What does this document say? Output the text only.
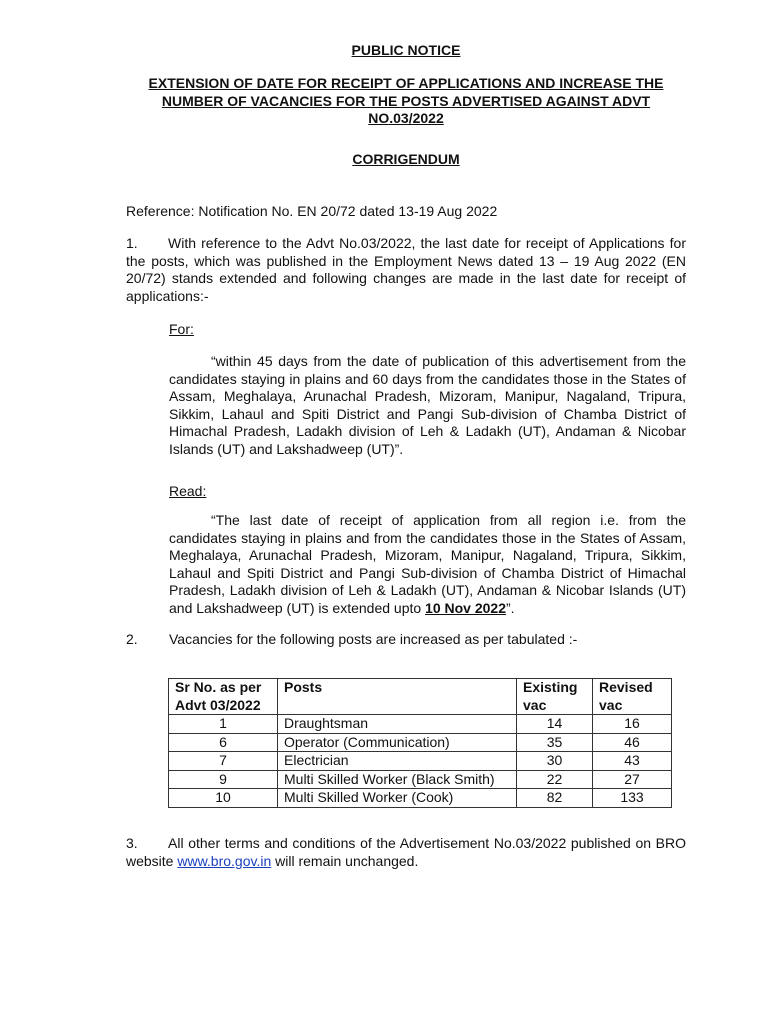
PUBLIC NOTICE
EXTENSION OF DATE FOR RECEIPT OF APPLICATIONS AND INCREASE THE NUMBER OF VACANCIES FOR THE POSTS ADVERTISED AGAINST ADVT NO.03/2022
CORRIGENDUM
Reference: Notification No. EN 20/72 dated 13-19 Aug 2022
1. With reference to the Advt No.03/2022, the last date for receipt of Applications for the posts, which was published in the Employment News dated 13 – 19 Aug 2022 (EN 20/72) stands extended and following changes are made in the last date for receipt of applications:-
For:
“within 45 days from the date of publication of this advertisement from the candidates staying in plains and 60 days from the candidates those in the States of Assam, Meghalaya, Arunachal Pradesh, Mizoram, Manipur, Nagaland, Tripura, Sikkim, Lahaul and Spiti District and Pangi Sub-division of Chamba District of Himachal Pradesh, Ladakh division of Leh & Ladakh (UT), Andaman & Nicobar Islands (UT) and Lakshadweep (UT)”.
Read:
“The last date of receipt of application from all region i.e. from the candidates staying in plains and from the candidates those in the States of Assam, Meghalaya, Arunachal Pradesh, Mizoram, Manipur, Nagaland, Tripura, Sikkim, Lahaul and Spiti District and Pangi Sub-division of Chamba District of Himachal Pradesh, Ladakh division of Leh & Ladakh (UT), Andaman & Nicobar Islands (UT) and Lakshadweep (UT) is extended upto 10 Nov 2022”.
2. Vacancies for the following posts are increased as per tabulated :-
Sr No. as per Advt 03/2022	Posts	Existing vac	Revised vac
1	Draughtsman	14	16
6	Operator (Communication)	35	46
7	Electrician	30	43
9	Multi Skilled Worker (Black Smith)	22	27
10	Multi Skilled Worker (Cook)	82	133
3. All other terms and conditions of the Advertisement No.03/2022 published on BRO website www.bro.gov.in will remain unchanged.
